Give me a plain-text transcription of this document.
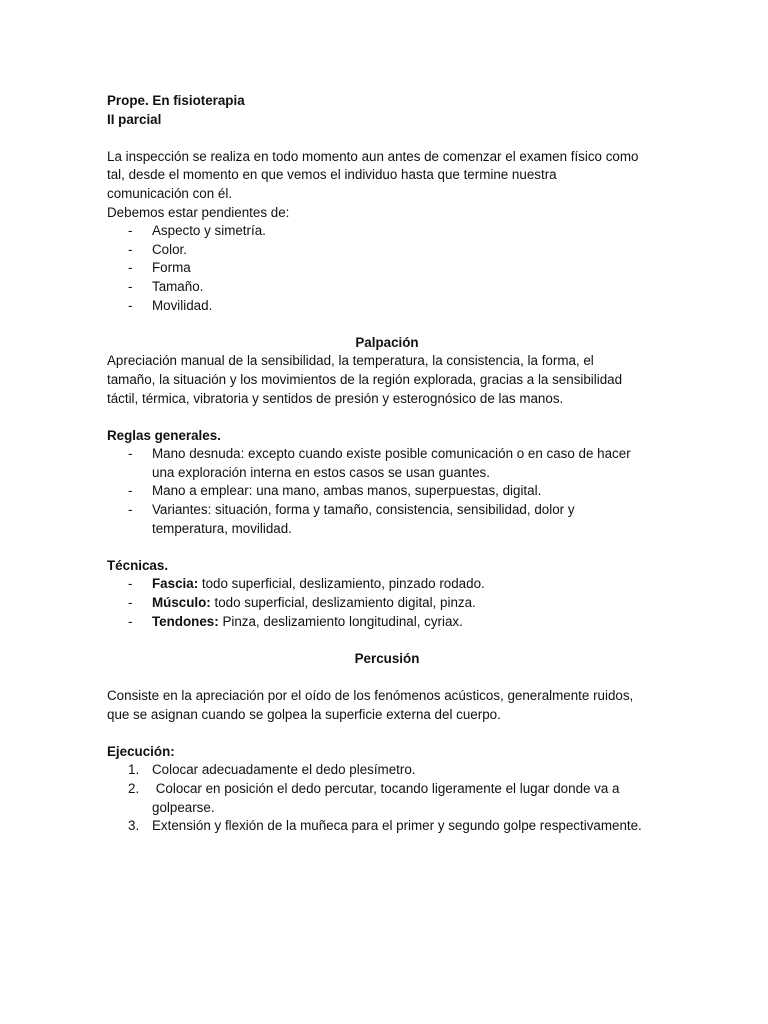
Prope. En fisioterapia
II parcial
La inspección se realiza en todo momento aun antes de comenzar el examen físico como
tal, desde el momento en que vemos el individuo hasta que termine nuestra
comunicación con él.
Debemos estar pendientes de:
-	Aspecto y simetría.
-	Color.
-	Forma
-	Tamaño.
-	Movilidad.
Palpación
Apreciación manual de la sensibilidad, la temperatura, la consistencia, la forma, el
tamaño, la situación y los movimientos de la región explorada, gracias a la sensibilidad
táctil, térmica, vibratoria y sentidos de presión y esterognósico de las manos.
Reglas generales.
-	Mano desnuda: excepto cuando existe posible comunicación o en caso de hacer
una exploración interna en estos casos se usan guantes.
-	Mano a emplear: una mano, ambas manos, superpuestas, digital.
-	Variantes: situación, forma y tamaño, consistencia, sensibilidad, dolor y
temperatura, movilidad.
Técnicas.
-	Fascia: todo superficial, deslizamiento, pinzado rodado.
-	Músculo: todo superficial, deslizamiento digital, pinza.
-	Tendones: Pinza, deslizamiento longitudinal, cyriax.
Percusión
Consiste en la apreciación por el oído de los fenómenos acústicos, generalmente ruidos,
que se asignan cuando se golpea la superficie externa del cuerpo.
Ejecución:
1. Colocar adecuadamente el dedo plesímetro.
2. Colocar en posición el dedo percutar, tocando ligeramente el lugar donde va a
golpearse.
3. Extensión y flexión de la muñeca para el primer y segundo golpe respectivamente.
